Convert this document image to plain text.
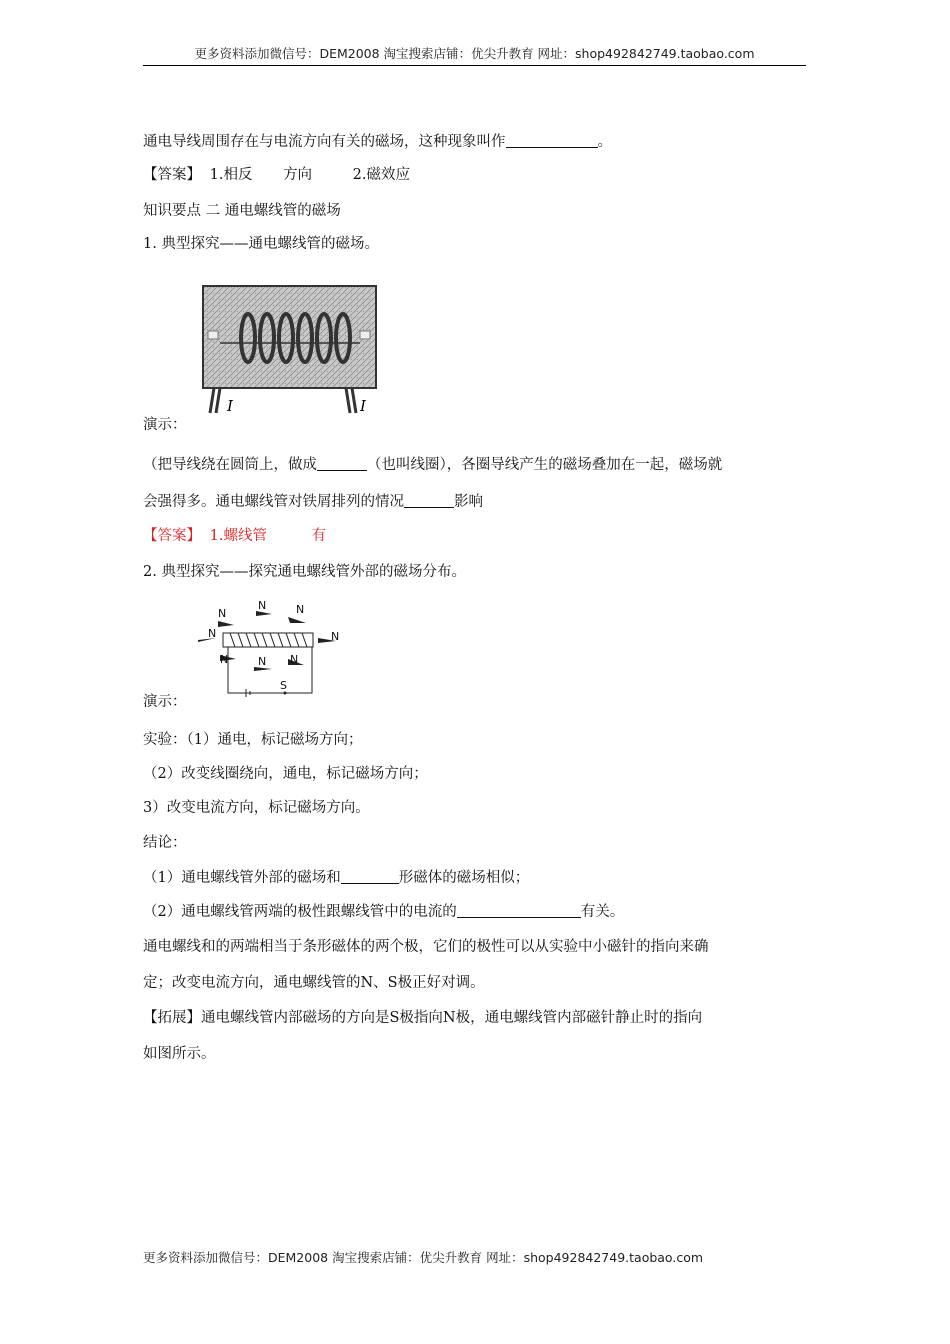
更多资料添加微信号：DEM2008 淘宝搜索店铺：优尖升教育 网址：shop492842749.taobao.com
通电导线周围存在与电流方向有关的磁场，这种现象叫作	。
【答案】 1.相反 方向	2.磁效应
知识要点 二 通电螺线管的磁场
1. 典型探究——通电螺线管的磁场。
I	I
演示：
（把导线绕在圆筒上，做成	（也叫线圈），各圈导线产生的磁场叠加在一起，磁场就
会强得多。通电螺线管对铁屑排列的情况	影响
【答案】 1.螺线管	有
2. 典型探究——探究通电螺线管外部的磁场分布。
N
N	N
N	N
N	N N
S
演示：
实验：（1）通电，标记磁场方向；
（2）改变线圈绕向，通电，标记磁场方向；
3）改变电流方向，标记磁场方向。
结论：
（1）通电螺线管外部的磁场和	形磁体的磁场相似；
（2）通电螺线管两端的极性跟螺线管中的电流的	有关。
通电螺线和的两端相当于条形磁体的两个极，它们的极性可以从实验中小磁针的指向来确
定；改变电流方向，通电螺线管的N、S极正好对调。
【拓展】通电螺线管内部磁场的方向是S极指向N极，通电螺线管内部磁针静止时的指向
如图所示。
更多资料添加微信号：DEM2008 淘宝搜索店铺：优尖升教育 网址：shop492842749.taobao.com
